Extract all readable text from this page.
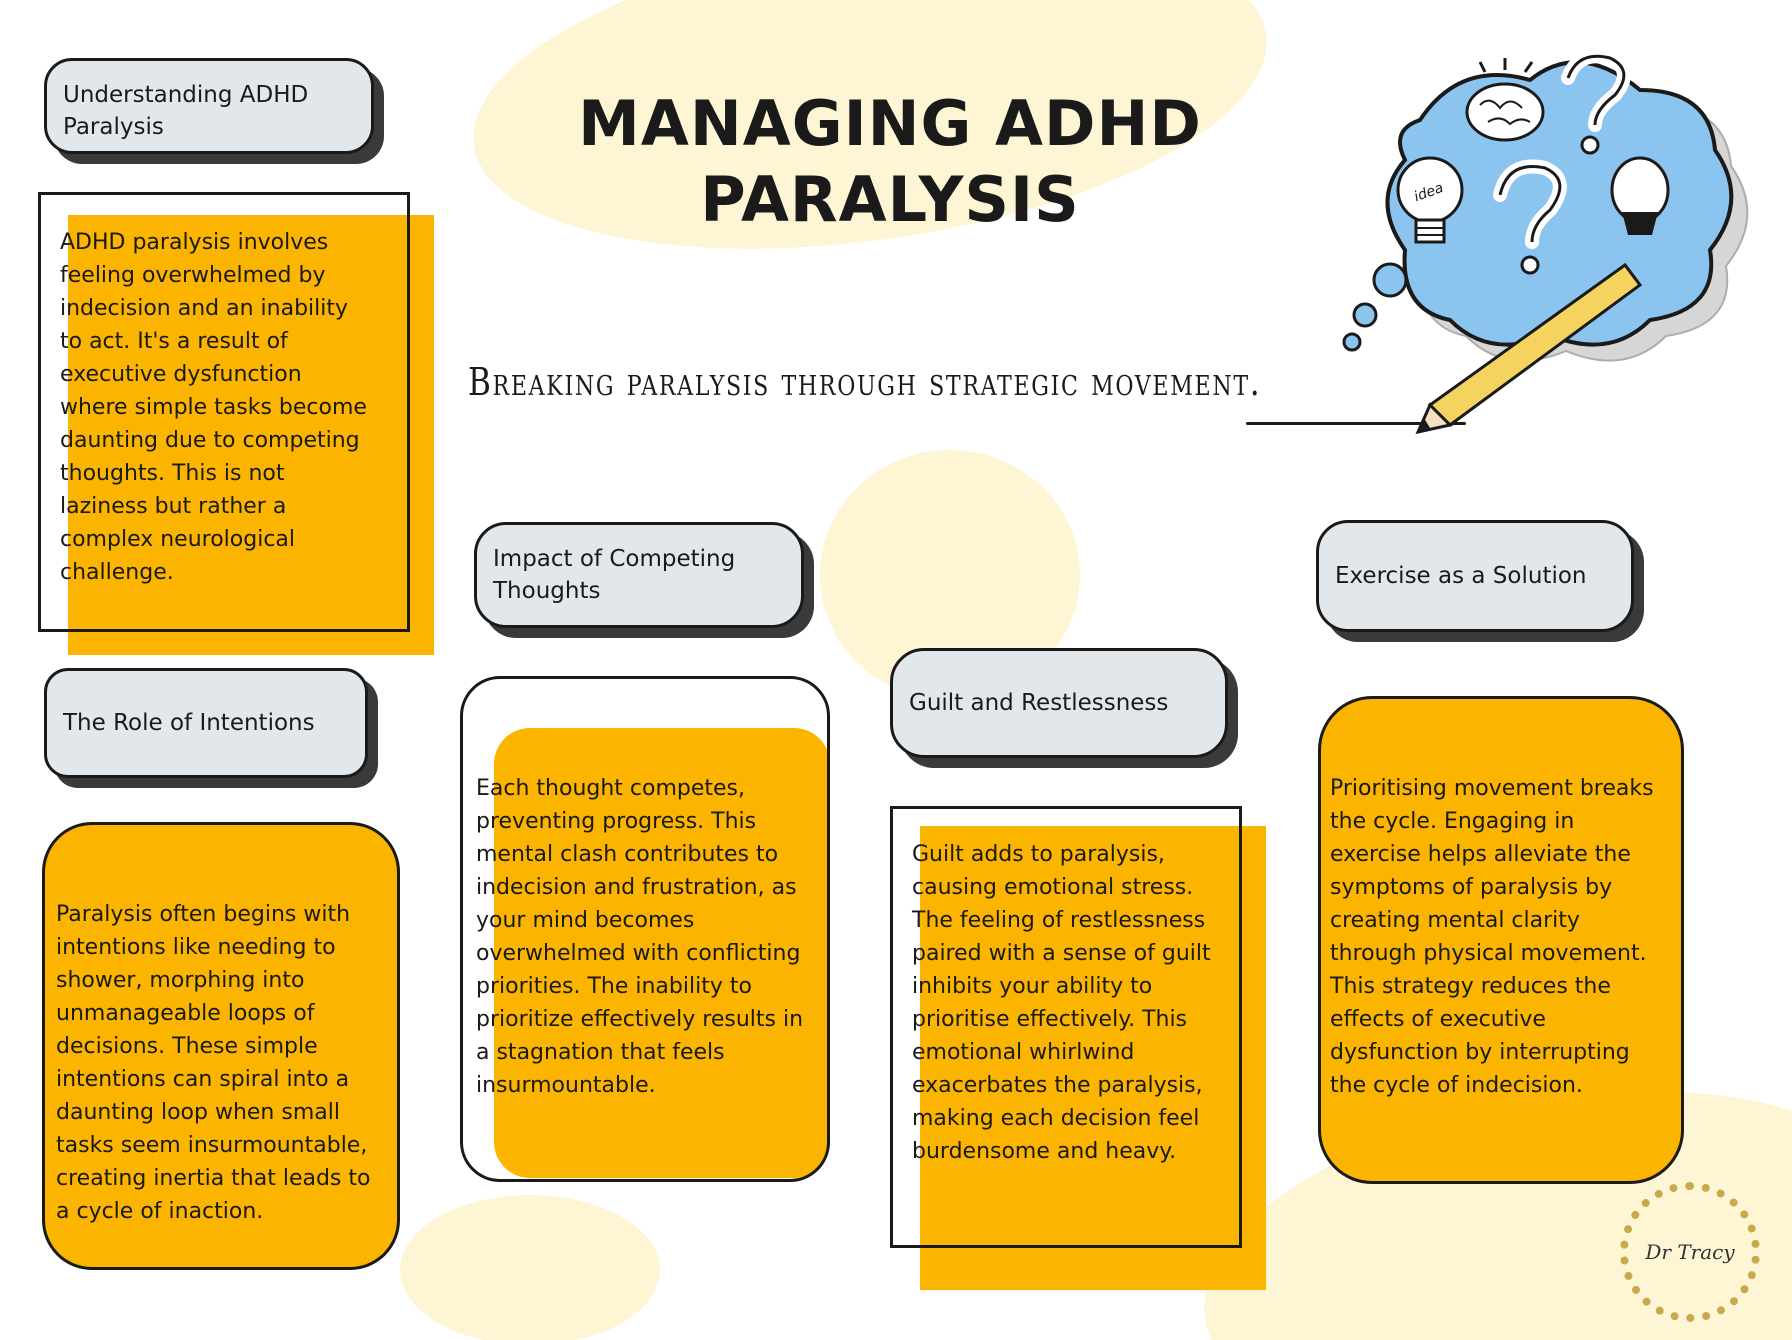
MANAGING ADHD
PARALYSIS
Breaking paralysis through strategic movement.
idea
Understanding ADHD Paralysis
ADHD paralysis involves feeling overwhelmed by indecision and an inability to act. It's a result of executive dysfunction where simple tasks become daunting due to competing thoughts. This is not laziness but rather a complex neurological challenge.
The Role of Intentions
Paralysis often begins with intentions like needing to shower, morphing into unmanageable loops of decisions. These simple intentions can spiral into a daunting loop when small tasks seem insurmountable, creating inertia that leads to a cycle of inaction.
Impact of Competing Thoughts
Each thought competes, preventing progress. This mental clash contributes to indecision and frustration, as your mind becomes overwhelmed with conflicting priorities. The inability to prioritize effectively results in a stagnation that feels insurmountable.
Guilt and Restlessness
Guilt adds to paralysis, causing emotional stress. The feeling of restlessness paired with a sense of guilt inhibits your ability to prioritise effectively. This emotional whirlwind exacerbates the paralysis, making each decision feel burdensome and heavy.
Exercise as a Solution
Prioritising movement breaks the cycle. Engaging in exercise helps alleviate the symptoms of paralysis by creating mental clarity through physical movement. This strategy reduces the effects of executive dysfunction by interrupting the cycle of indecision.
Dr Tracy
